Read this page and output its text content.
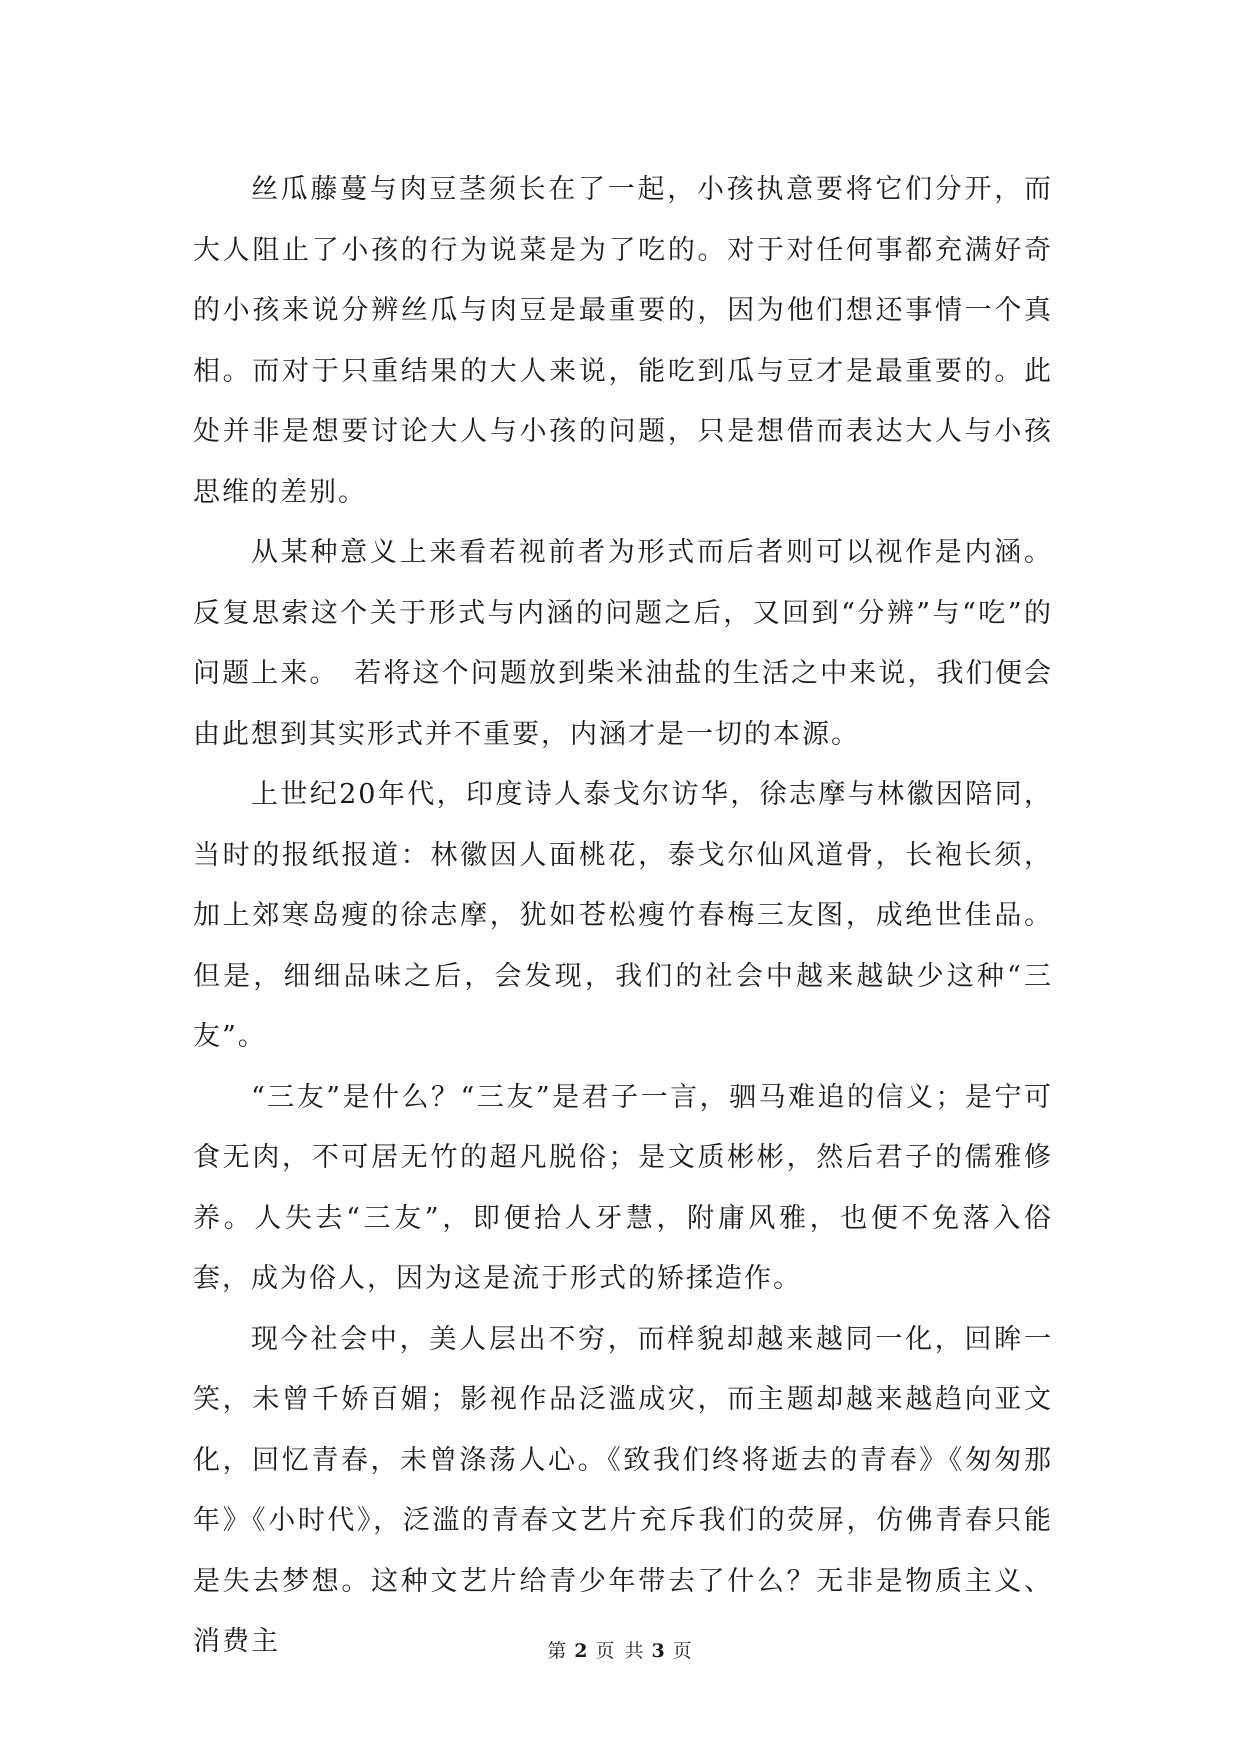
丝瓜藤蔓与肉豆茎须长在了一起，小孩执意要将它们分开，而大人阻止了小孩的行为说菜是为了吃的。对于对任何事都充满好奇的小孩来说分辨丝瓜与肉豆是最重要的，因为他们想还事情一个真相。而对于只重结果的大人来说，能吃到瓜与豆才是最重要的。此处并非是想要讨论大人与小孩的问题，只是想借而表达大人与小孩思维的差别。

从某种意义上来看若视前者为形式而后者则可以视作是内涵。反复思索这个关于形式与内涵的问题之后，又回到“分辨”与“吃”的问题上来。　若将这个问题放到柴米油盐的生活之中来说，我们便会由此想到其实形式并不重要，内涵才是一切的本源。

上世纪20年代，印度诗人泰戈尔访华，徐志摩与林徽因陪同，当时的报纸报道：林徽因人面桃花，泰戈尔仙风道骨，长袍长须，加上郊寒岛瘦的徐志摩，犹如苍松瘦竹春梅三友图，成绝世佳品。但是，细细品味之后，会发现，我们的社会中越来越缺少这种“三友”。

“三友”是什么？“三友”是君子一言，驷马难追的信义；是宁可食无肉，不可居无竹的超凡脱俗；是文质彬彬，然后君子的儒雅修养。人失去“三友”，即便拾人牙慧，附庸风雅，也便不免落入俗套，成为俗人，因为这是流于形式的矫揉造作。

现今社会中，美人层出不穷，而样貌却越来越同一化，回眸一笑，未曾千娇百媚；影视作品泛滥成灾，而主题却越来越趋向亚文化，回忆青春，未曾涤荡人心。《致我们终将逝去的青春》《匆匆那年》《小时代》，泛滥的青春文艺片充斥我们的荧屏，仿佛青春只能是失去梦想。这种文艺片给青少年带去了什么？无非是物质主义、消费主	第 2 页 共 3 页
